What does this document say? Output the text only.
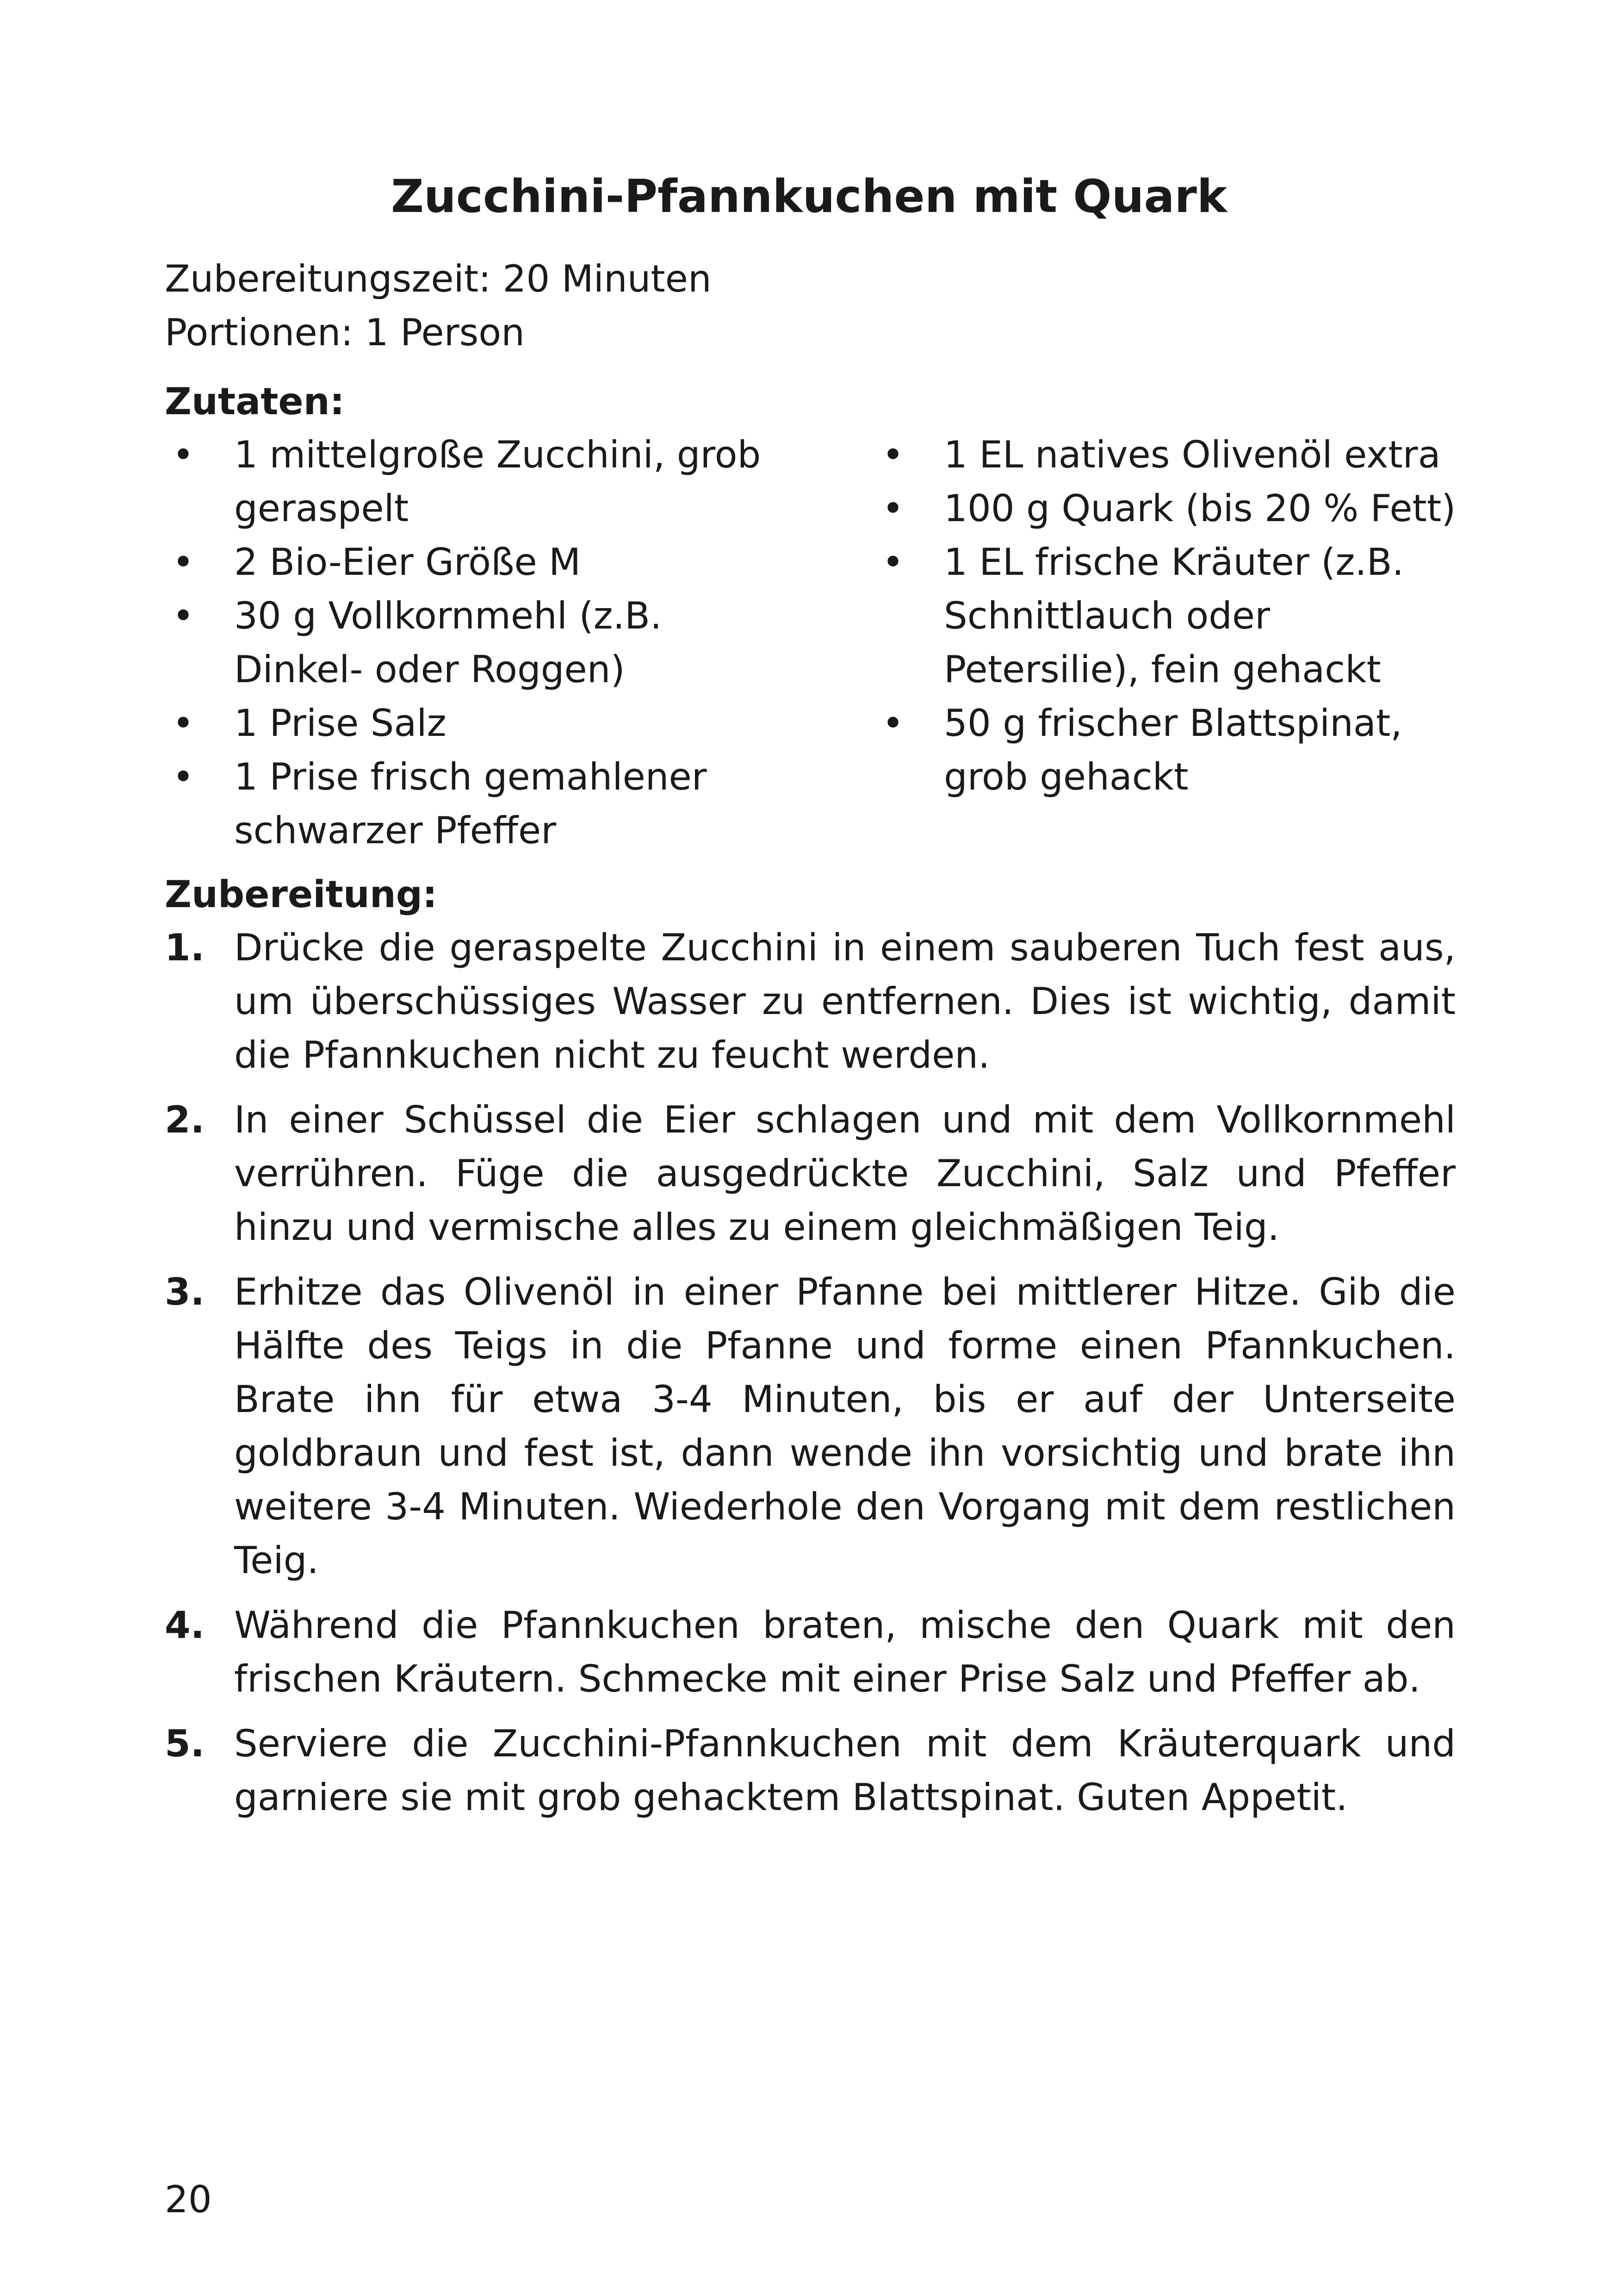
Zucchini-Pfannkuchen mit Quark
Zubereitungszeit: 20 Minuten
Portionen: 1 Person
Zutaten:
• 1 mittelgroße Zucchini, grob geraspelt
• 2 Bio-Eier Größe M
• 30 g Vollkornmehl (z.B. Dinkel- oder Roggen)
• 1 Prise Salz
• 1 Prise frisch gemahlener schwarzer Pfeffer
• 1 EL natives Olivenöl extra
• 100 g Quark (bis 20 % Fett)
• 1 EL frische Kräuter (z.B. Schnittlauch oder Petersilie), fein gehackt
• 50 g frischer Blattspinat, grob gehackt
Zubereitung:
1. Drücke die geraspelte Zucchini in einem sauberen Tuch fest aus, um überschüssiges Wasser zu entfernen. Dies ist wichtig, damit die Pfannkuchen nicht zu feucht werden.
2. In einer Schüssel die Eier schlagen und mit dem Vollkornmehl verrühren. Füge die ausgedrückte Zucchini, Salz und Pfeffer hinzu und vermische alles zu einem gleichmäßigen Teig.
3. Erhitze das Olivenöl in einer Pfanne bei mittlerer Hitze. Gib die Hälfte des Teigs in die Pfanne und forme einen Pfannkuchen. Brate ihn für etwa 3-4 Minuten, bis er auf der Unterseite goldbraun und fest ist, dann wende ihn vorsichtig und brate ihn weitere 3-4 Minuten. Wiederhole den Vorgang mit dem restlichen Teig.
4. Während die Pfannkuchen braten, mische den Quark mit den frischen Kräutern. Schmecke mit einer Prise Salz und Pfeffer ab.
5. Serviere die Zucchini-Pfannkuchen mit dem Kräuterquark und garniere sie mit grob gehacktem Blattspinat. Guten Appetit.
20
